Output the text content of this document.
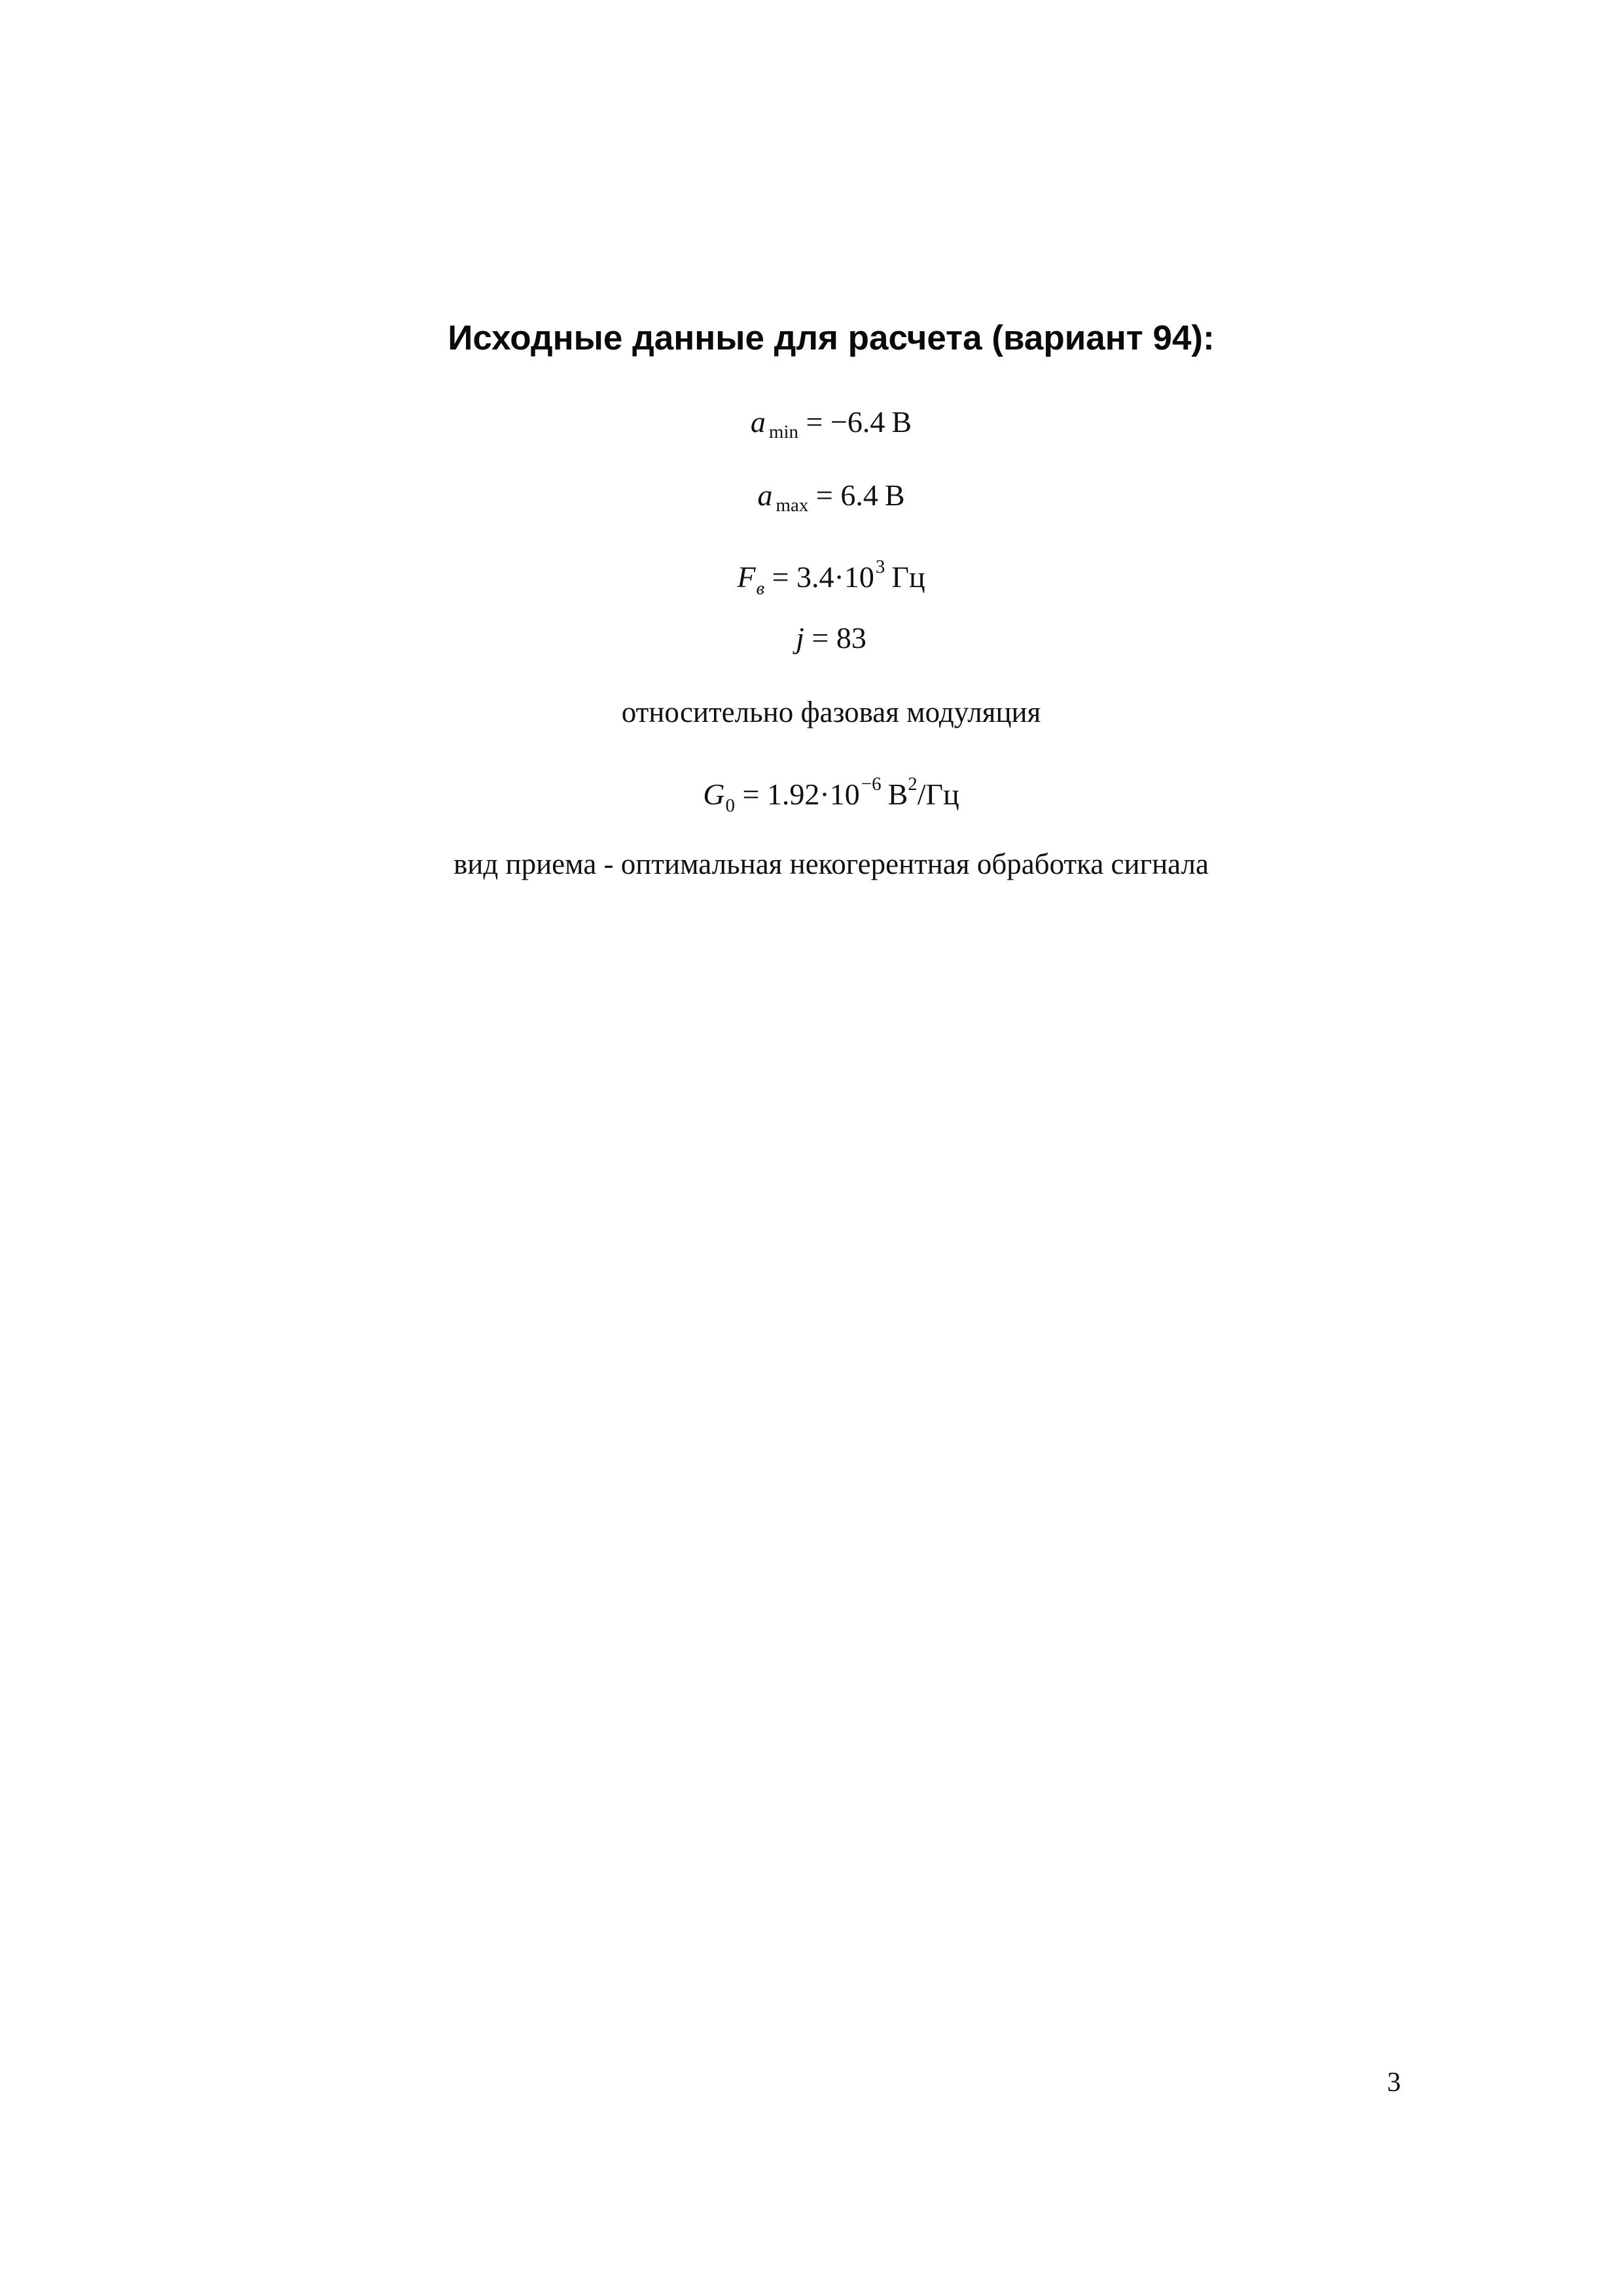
Исходные данные для расчета (вариант 94):
a $_{min}$ = −6.4 В
a $_{max}$ = 6.4 В
$F_в = 3.4\cdot 10^3$ Гц
j = 83
относительно фазовая модуляция
$G_0 = 1.92\cdot 10^{-6}$ $В^2/Гц$
вид приема - оптимальная некогерентная обработка сигнала
3
